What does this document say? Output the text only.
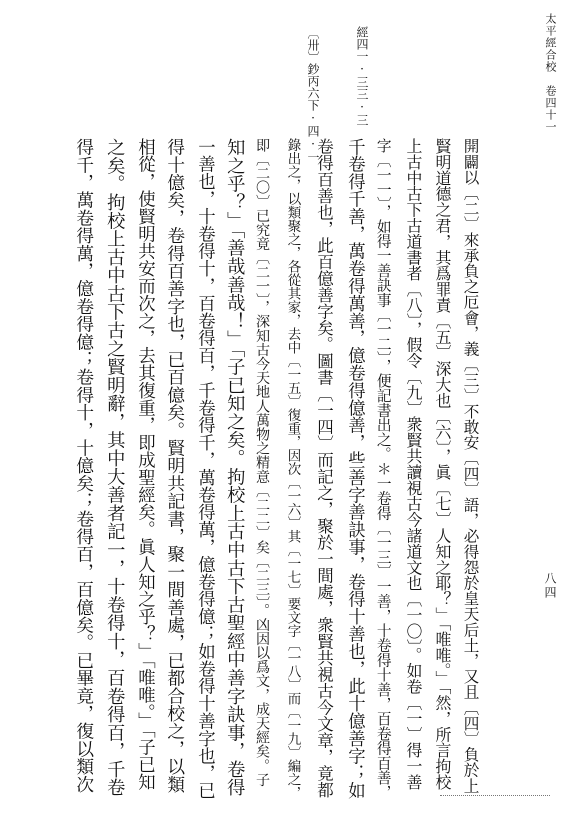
太平經合校　卷四十一
八四
經四一·三三·三
〔卅〕鈔丙六下·四·一
開闢以〔二〕來承負之厄會，義〔三〕不敢安〔四〕語，必得怨於皇天后土，又且〔四〕負於上
賢明道德之君，其爲罪責〔五〕深大也〔六〕，眞〔七〕人知之耶？」「唯唯。」「然，所言拘校
上古中古下古道書者〔八〕，假令〔九〕衆賢共讀視古今諸道文也〔一〇〕。如卷〔一〕得一善
字〔一一〕，如得一善訣事〔一二〕，便記書出之。＊一卷得〔一三〕一善，十卷得十善，百卷得百善，
千卷得千善，萬卷得萬善，億卷得億善，些善字善訣事，卷得十善也，此十億善字；如
卷得百善也，此百億善字矣。圖書〔一四〕而記之，聚於一間處，衆賢共視古今文章，竟都
錄出之，以類聚之，各從其家，去中〔一五〕復重，因次〔一六〕其〔一七〕要文字〔一八〕而〔一九〕編之，
即〔二〇〕已究竟〔二一〕，深知古今天地人萬物之精意〔二二〕矣〔二三〕。凶因以爲文，成天經矣。子
知之乎？」「善哉善哉！」「子已知之矣。拘校上古中古下古聖經中善字訣事，卷得
一善也，十卷得十，百卷得百，千卷得千，萬卷得萬，億卷得億；如卷得十善字也，已
得十億矣，卷得百善字也，已百億矣。賢明共記書，聚一間善處，已都合校之，以類
相從，使賢明共安而次之，去其復重，即成聖經矣。眞人知之乎？」「唯唯。」「子已知
之矣。拘校上古中古下古之賢明辭，其中大善者記一，十卷得十，百卷得百，千卷
得千，萬卷得萬，億卷得億；卷得十，十億矣；卷得百，百億矣。已畢竟，復以類次
